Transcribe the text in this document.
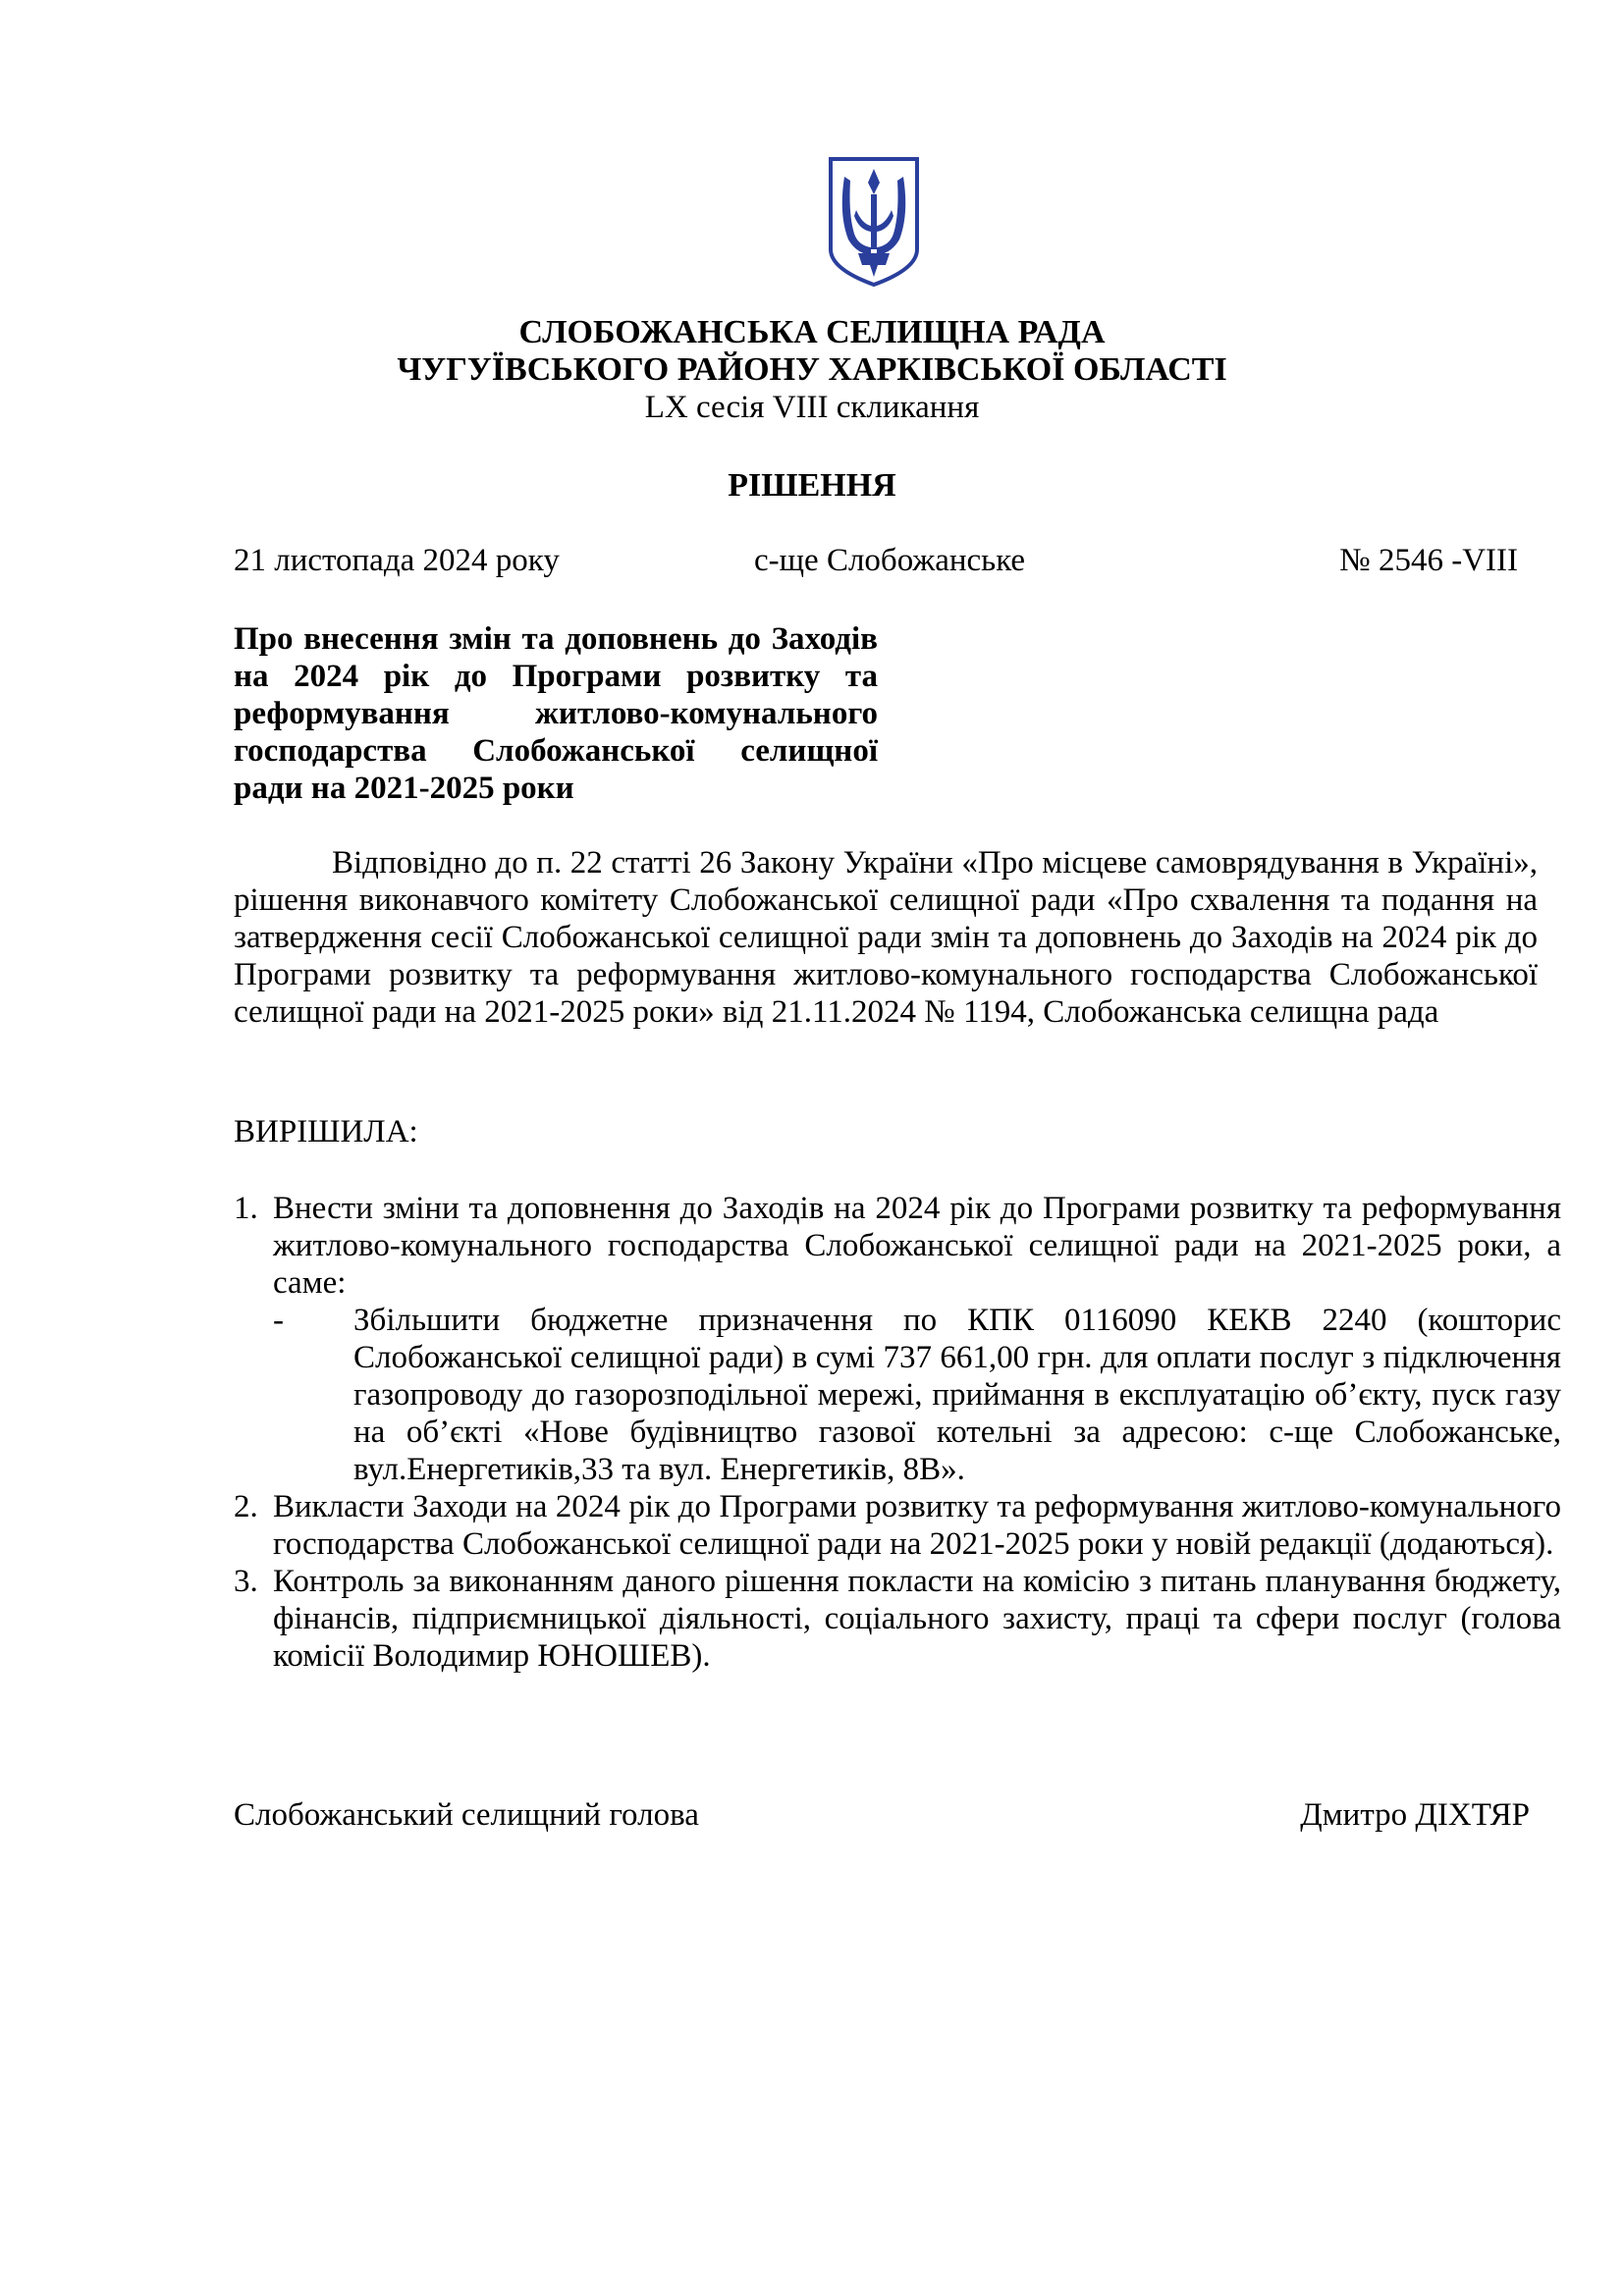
СЛОБОЖАНСЬКА СЕЛИЩНА РАДА
ЧУГУЇВСЬКОГО РАЙОНУ ХАРКІВСЬКОЇ ОБЛАСТІ
LX сесія VIII скликання
РІШЕННЯ
21 листопада 2024 року	с-ще Слобожанське	№ 2546 -VIII
Про внесення змін та доповнень до Заходів
на 2024 рік до Програми розвитку та
реформування житлово-комунального
господарства Слобожанської селищної
ради на 2021-2025 роки
Відповідно до п. 22 статті 26 Закону України «Про місцеве самоврядування в Україні», рішення виконавчого комітету Слобожанської селищної ради «Про схвалення та подання на затвердження сесії Слобожанської селищної ради змін та доповнень до Заходів на 2024 рік до Програми розвитку та реформування житлово-комунального господарства Слобожанської селищної ради на 2021-2025 роки» від 21.11.2024 № 1194, Слобожанська селищна рада
ВИРІШИЛА:
1. Внести зміни та доповнення до Заходів на 2024 рік до Програми розвитку та реформування житлово-комунального господарства Слобожанської селищної ради на 2021-2025 роки, а саме:
- Збільшити бюджетне призначення по КПК 0116090 КЕКВ 2240 (кошторис Слобожанської селищної ради) в сумі 737 661,00 грн. для оплати послуг з підключення газопроводу до газорозподільної мережі, приймання в експлуатацію об’єкту, пуск газу на об’єкті «Нове будівництво газової котельні за адресою: с-ще Слобожанське, вул.Енергетиків,33 та вул. Енергетиків, 8В».
2. Викласти Заходи на 2024 рік до Програми розвитку та реформування житлово-комунального господарства Слобожанської селищної ради на 2021-2025 роки у новій редакції (додаються).
3. Контроль за виконанням даного рішення покласти на комісію з питань планування бюджету, фінансів, підприємницької діяльності, соціального захисту, праці та сфери послуг (голова комісії Володимир ЮНОШЕВ).
Слобожанський селищний голова	Дмитро ДІХТЯР
